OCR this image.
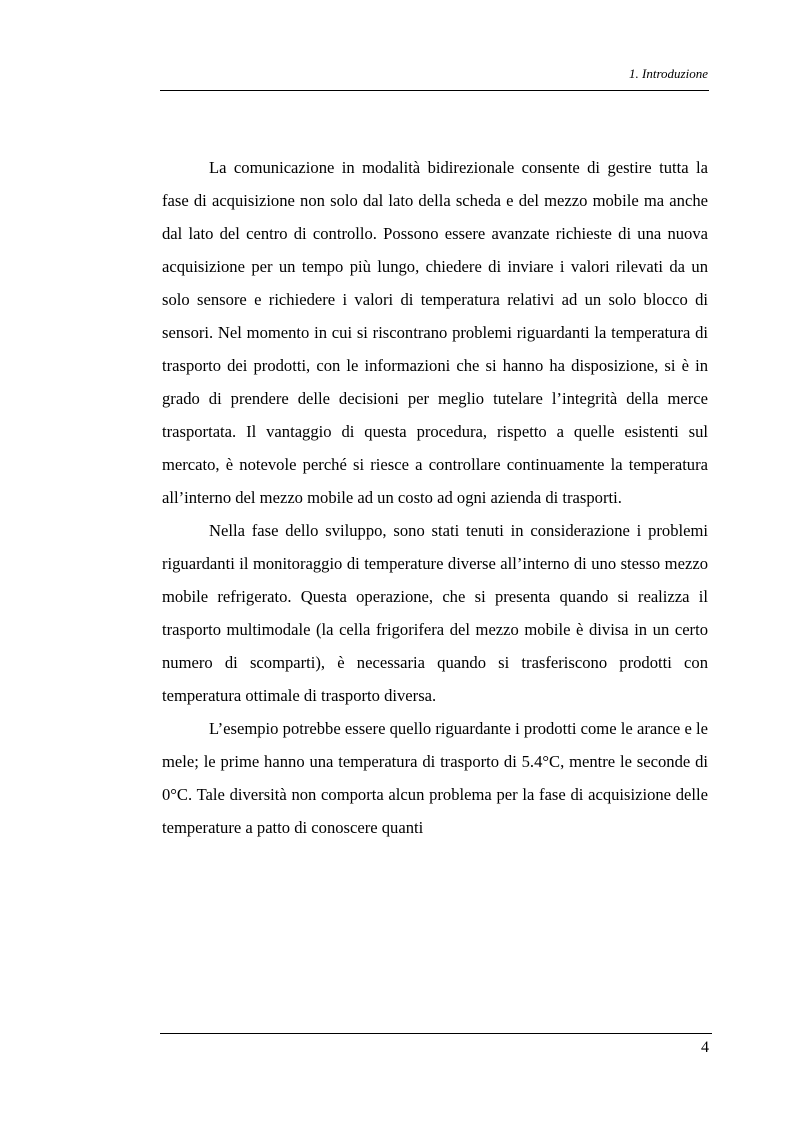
1. Introduzione

La comunicazione in modalità bidirezionale consente di gestire tutta la fase di acquisizione non solo dal lato della scheda e del mezzo mobile ma anche dal lato del centro di controllo. Possono essere avanzate richieste di una nuova acquisizione per un tempo più lungo, chiedere di inviare i valori rilevati da un solo sensore e richiedere i valori di temperatura relativi ad un solo blocco di sensori. Nel momento in cui si riscontrano problemi riguardanti la temperatura di trasporto dei prodotti, con le informazioni che si hanno ha disposizione, si è in grado di prendere delle decisioni per meglio tutelare l’integrità della merce trasportata. Il vantaggio di questa procedura, rispetto a quelle esistenti sul mercato, è notevole perché si riesce a controllare continuamente la temperatura all’interno del mezzo mobile ad un costo ad ogni azienda di trasporti.

Nella fase dello sviluppo, sono stati tenuti in considerazione i problemi riguardanti il monitoraggio di temperature diverse all’interno di uno stesso mezzo mobile refrigerato. Questa operazione, che si presenta quando si realizza il trasporto multimodale (la cella frigorifera del mezzo mobile è divisa in un certo numero di scomparti), è necessaria quando si trasferiscono prodotti con temperatura ottimale di trasporto diversa.

L’esempio potrebbe essere quello riguardante i prodotti come le arance e le mele; le prime hanno una temperatura di trasporto di 5.4°C, mentre le seconde di 0°C. Tale diversità non comporta alcun problema per la fase di acquisizione delle temperature a patto di conoscere quanti

4
